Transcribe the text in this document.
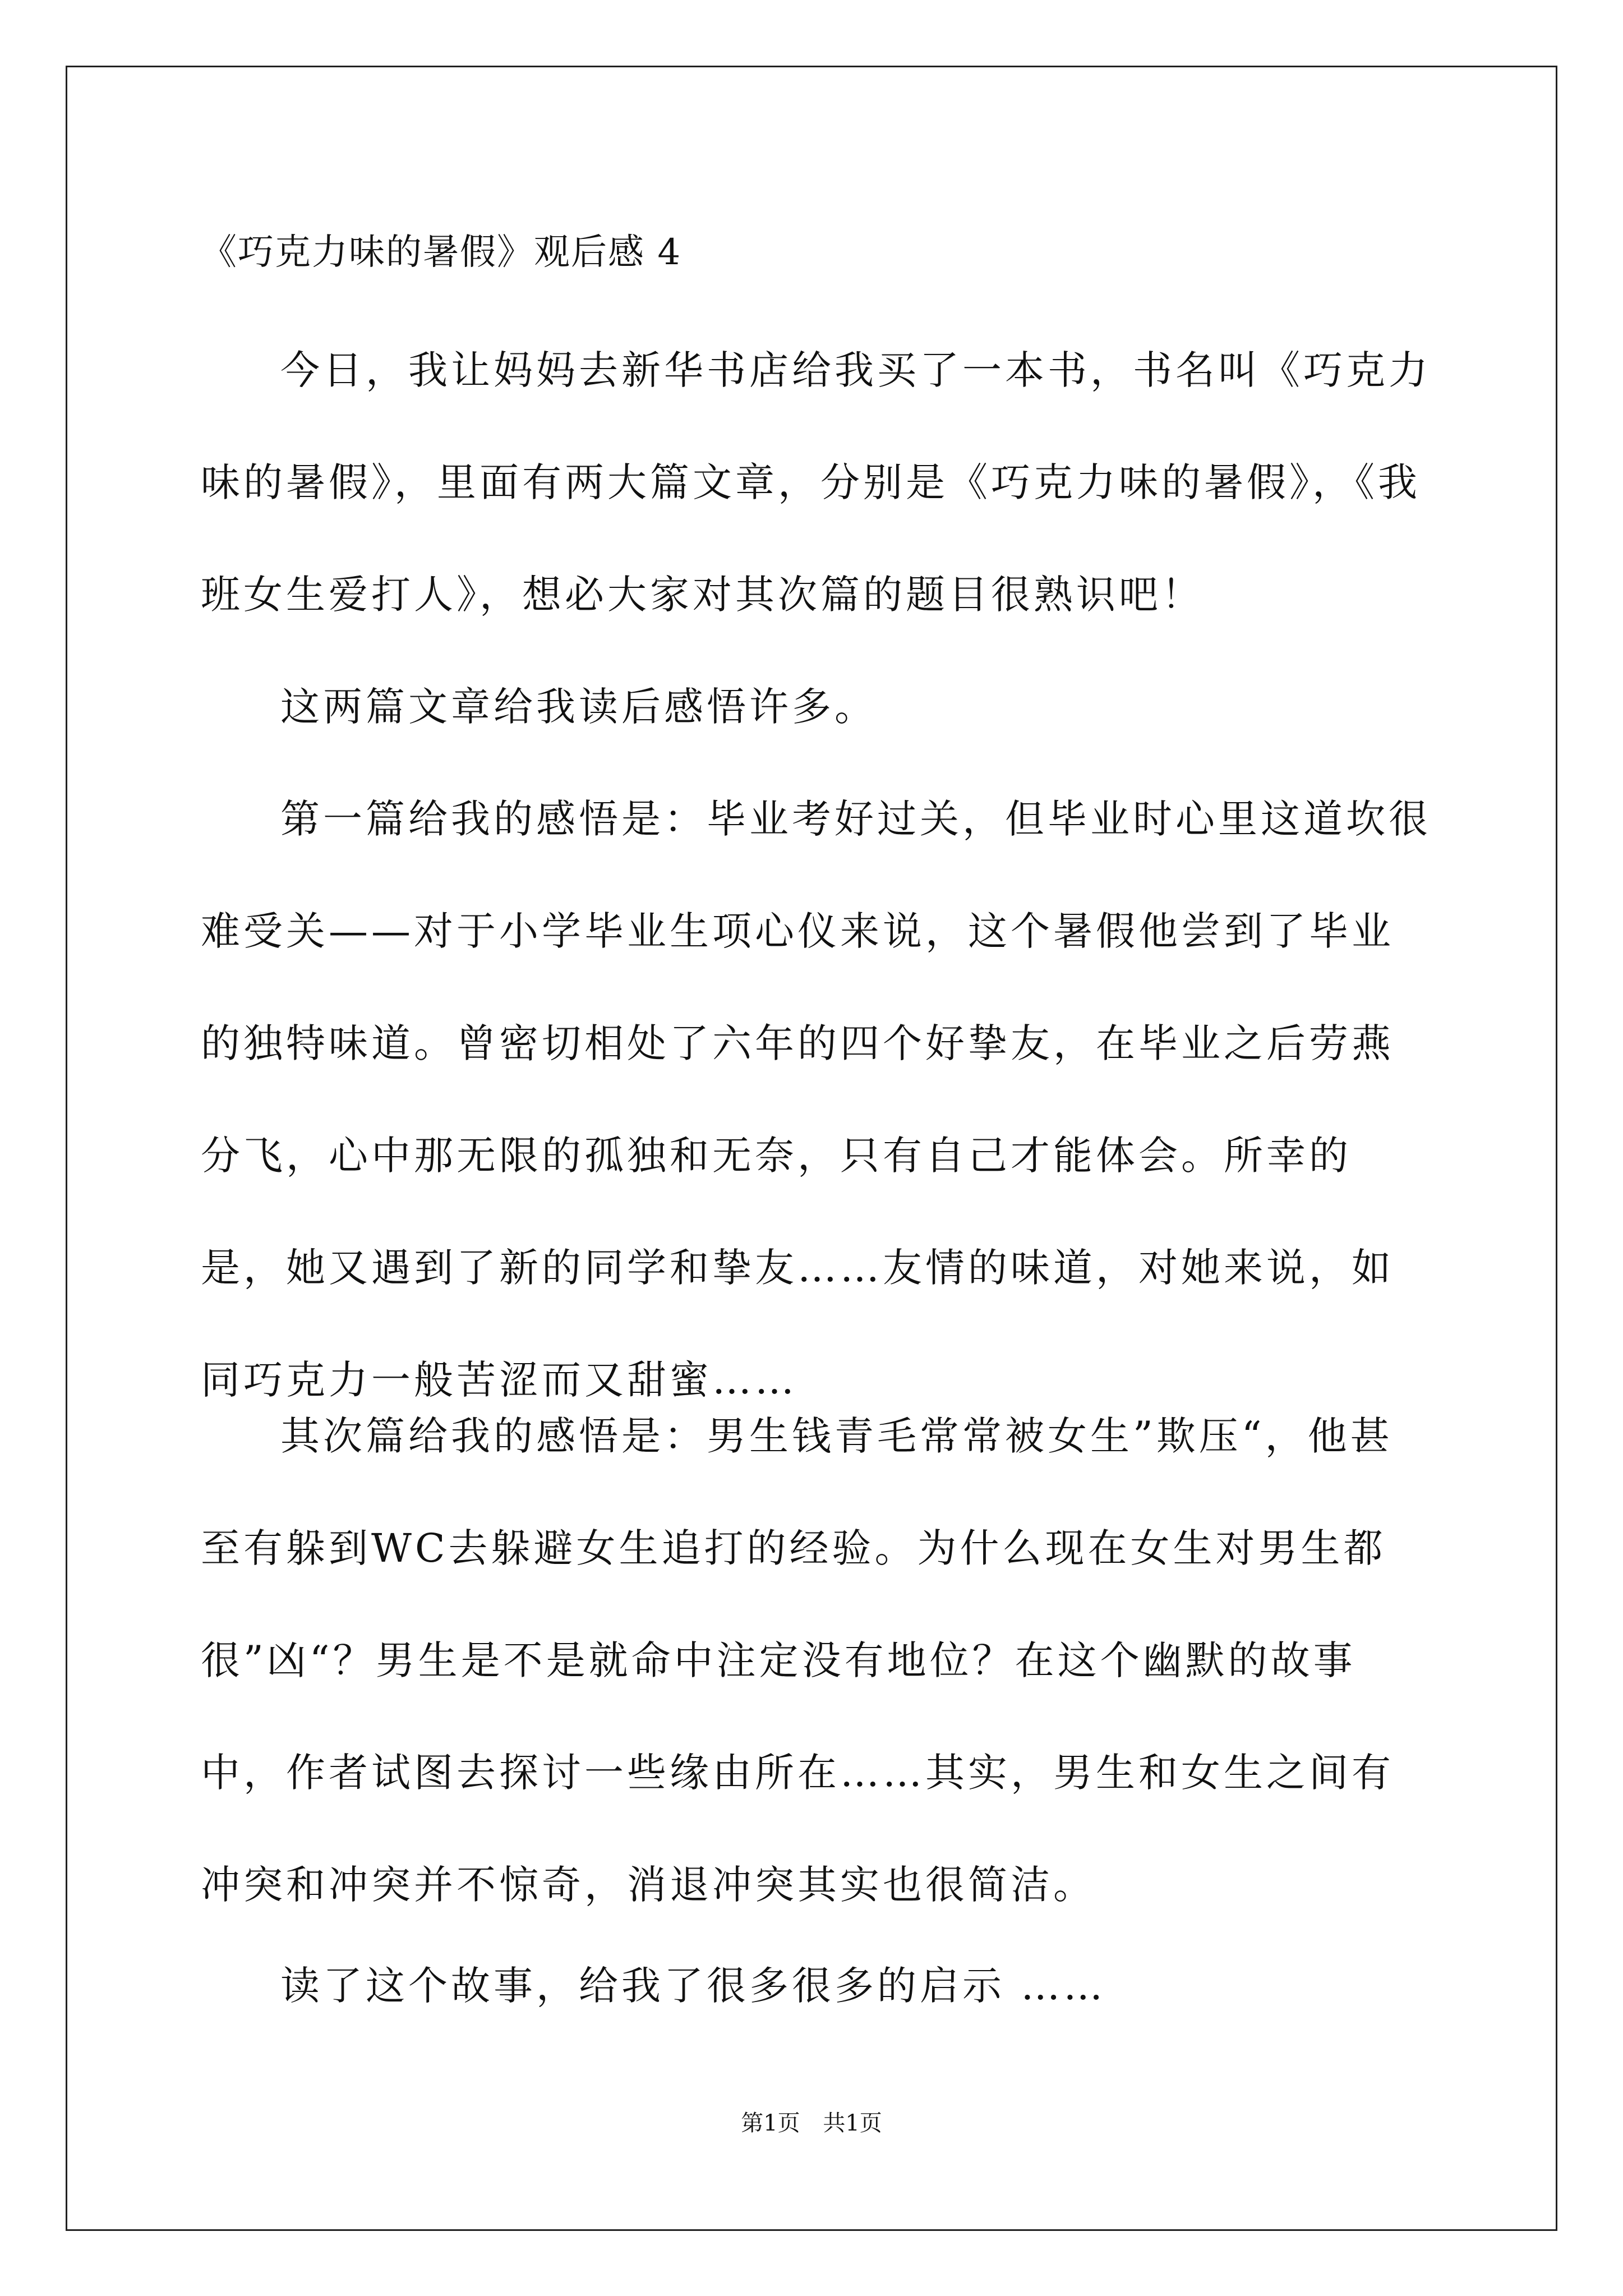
《巧克力味的暑假》观后感 4

今日，我让妈妈去新华书店给我买了一本书，书名叫《巧克力味的暑假》，里面有两大篇文章，分别是《巧克力味的暑假》，《我班女生爱打人》，想必大家对其次篇的题目很熟识吧！

这两篇文章给我读后感悟许多。

第一篇给我的感悟是：毕业考好过关，但毕业时心里这道坎很难受关——对于小学毕业生项心仪来说，这个暑假他尝到了毕业的独特味道。曾密切相处了六年的四个好挚友，在毕业之后劳燕分飞，心中那无限的孤独和无奈，只有自己才能体会。所幸的是，她又遇到了新的同学和挚友……友情的味道，对她来说，如同巧克力一般苦涩而又甜蜜……

其次篇给我的感悟是：男生钱青毛常常被女生”欺压“，他甚至有躲到WC去躲避女生追打的经验。为什么现在女生对男生都很”凶“？男生是不是就命中注定没有地位？在这个幽默的故事中，作者试图去探讨一些缘由所在……其实，男生和女生之间有冲突和冲突并不惊奇，消退冲突其实也很简洁。

读了这个故事，给我了很多很多的启示 ……

第1页 共1页
